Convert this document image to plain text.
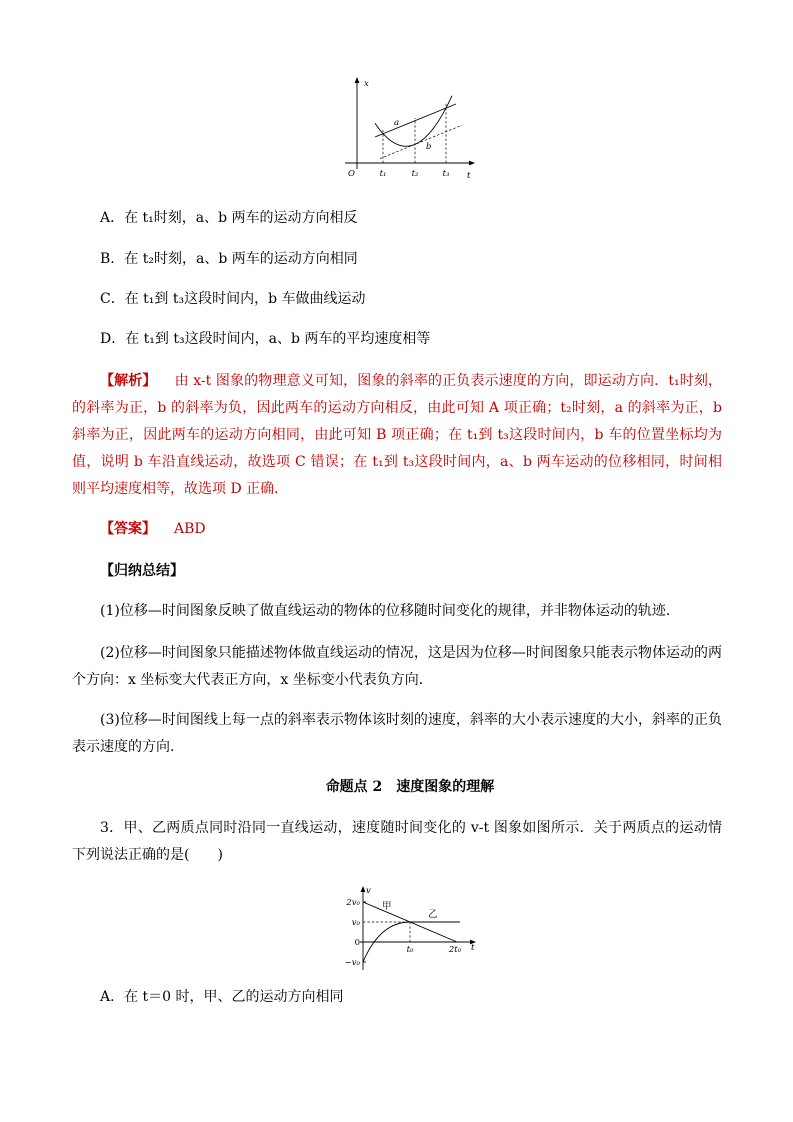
x
O	t₁	t₂	t₃ t
a
b
A．在 t₁时刻，a、b 两车的运动方向相反
B．在 t₂时刻，a、b 两车的运动方向相同
C．在 t₁到 t₃这段时间内，b 车做曲线运动
D．在 t₁到 t₃这段时间内，a、b 两车的平均速度相等
【解析】 由 x-t 图象的物理意义可知，图象的斜率的正负表示速度的方向，即运动方向．t₁时刻，
的斜率为正，b 的斜率为负，因此两车的运动方向相反，由此可知 A 项正确；t₂时刻，a 的斜率为正，b
斜率为正，因此两车的运动方向相同，由此可知 B 项正确；在 t₁到 t₃这段时间内，b 车的位置坐标均为
值，说明 b 车沿直线运动，故选项 C 错误；在 t₁到 t₃这段时间内，a、b 两车运动的位移相同，时间相
则平均速度相等，故选项 D 正确．
【答案】 ABD
【归纳总结】
(1)位移—时间图象反映了做直线运动的物体的位移随时间变化的规律，并非物体运动的轨迹．
(2)位移—时间图象只能描述物体做直线运动的情况，这是因为位移—时间图象只能表示物体运动的两
个方向：x 坐标变大代表正方向，x 坐标变小代表负方向．
(3)位移—时间图线上每一点的斜率表示物体该时刻的速度，斜率的大小表示速度的大小，斜率的正负
表示速度的方向．
命题点 2　速度图象的理解
3．甲、乙两质点同时沿同一直线运动，速度随时间变化的 v-t 图象如图所示．关于两质点的运动情
下列说法正确的是(　　)
v
2v₀
v₀
0
−v₀
t₀	2t₀ t
甲
乙
A．在 t＝0 时，甲、乙的运动方向相同
